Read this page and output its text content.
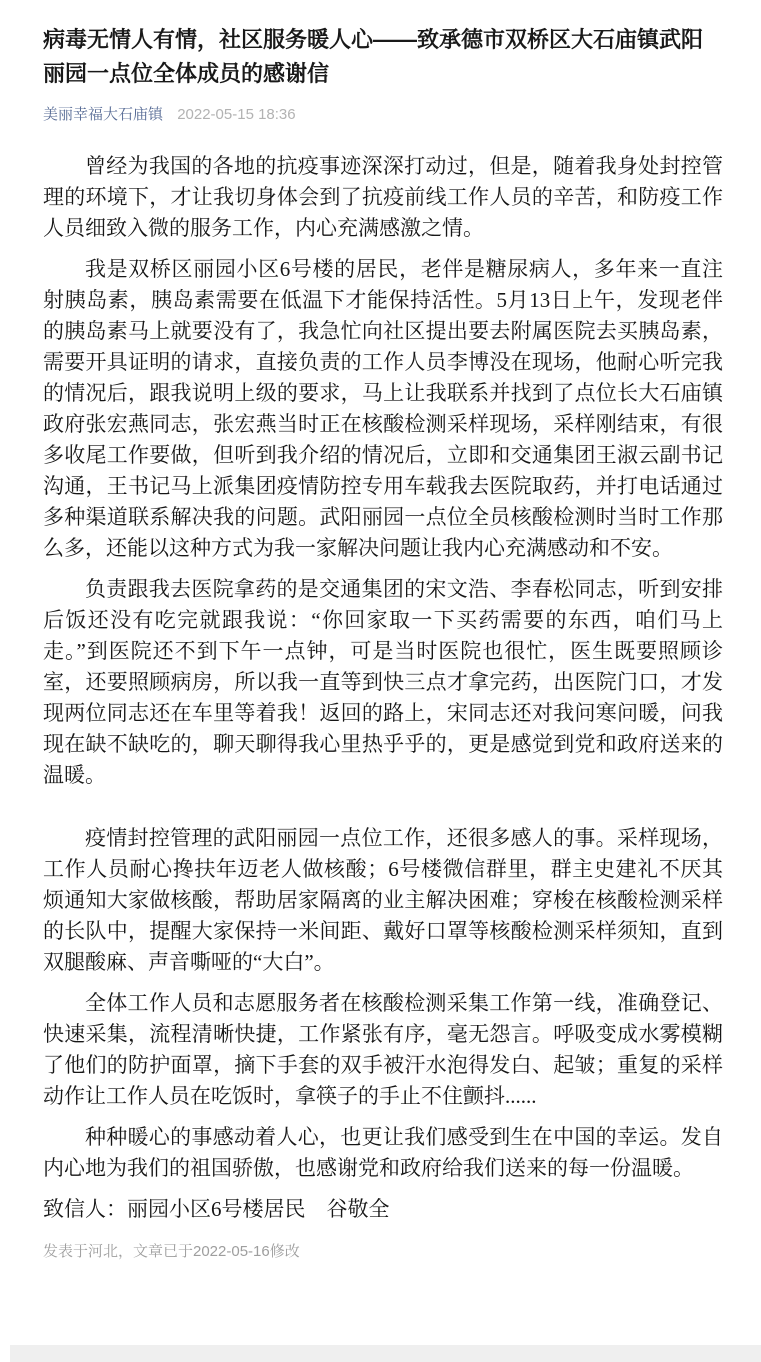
病毒无情人有情，社区服务暖人心——致承德市双桥区大石庙镇武阳丽园一点位全体成员的感谢信
美丽幸福大石庙镇 2022-05-15 18:36

曾经为我国的各地的抗疫事迹深深打动过，但是，随着我身处封控管理的环境下，才让我切身体会到了抗疫前线工作人员的辛苦，和防疫工作人员细致入微的服务工作，内心充满感激之情。

我是双桥区丽园小区6号楼的居民，老伴是糖尿病人，多年来一直注射胰岛素，胰岛素需要在低温下才能保持活性。5月13日上午，发现老伴的胰岛素马上就要没有了，我急忙向社区提出要去附属医院去买胰岛素，需要开具证明的请求，直接负责的工作人员李博没在现场，他耐心听完我的情况后，跟我说明上级的要求，马上让我联系并找到了点位长大石庙镇政府张宏燕同志，张宏燕当时正在核酸检测采样现场，采样刚结束，有很多收尾工作要做，但听到我介绍的情况后，立即和交通集团王淑云副书记沟通，王书记马上派集团疫情防控专用车载我去医院取药，并打电话通过多种渠道联系解决我的问题。武阳丽园一点位全员核酸检测时当时工作那么多，还能以这种方式为我一家解决问题让我内心充满感动和不安。

负责跟我去医院拿药的是交通集团的宋文浩、李春松同志，听到安排后饭还没有吃完就跟我说：“你回家取一下买药需要的东西，咱们马上走。”到医院还不到下午一点钟，可是当时医院也很忙，医生既要照顾诊室，还要照顾病房，所以我一直等到快三点才拿完药，出医院门口，才发现两位同志还在车里等着我！返回的路上，宋同志还对我问寒问暖，问我现在缺不缺吃的，聊天聊得我心里热乎乎的，更是感觉到党和政府送来的温暖。

疫情封控管理的武阳丽园一点位工作，还很多感人的事。采样现场，工作人员耐心搀扶年迈老人做核酸；6号楼微信群里，群主史建礼不厌其烦通知大家做核酸，帮助居家隔离的业主解决困难；穿梭在核酸检测采样的长队中，提醒大家保持一米间距、戴好口罩等核酸检测采样须知，直到双腿酸麻、声音嘶哑的“大白”。

全体工作人员和志愿服务者在核酸检测采集工作第一线，准确登记、快速采集，流程清晰快捷，工作紧张有序，毫无怨言。呼吸变成水雾模糊了他们的防护面罩，摘下手套的双手被汗水泡得发白、起皱；重复的采样动作让工作人员在吃饭时，拿筷子的手止不住颤抖......

种种暖心的事感动着人心，也更让我们感受到生在中国的幸运。发自内心地为我们的祖国骄傲，也感谢党和政府给我们送来的每一份温暖。

致信人：丽园小区6号楼居民　谷敬全

发表于河北，文章已于2022-05-16修改
